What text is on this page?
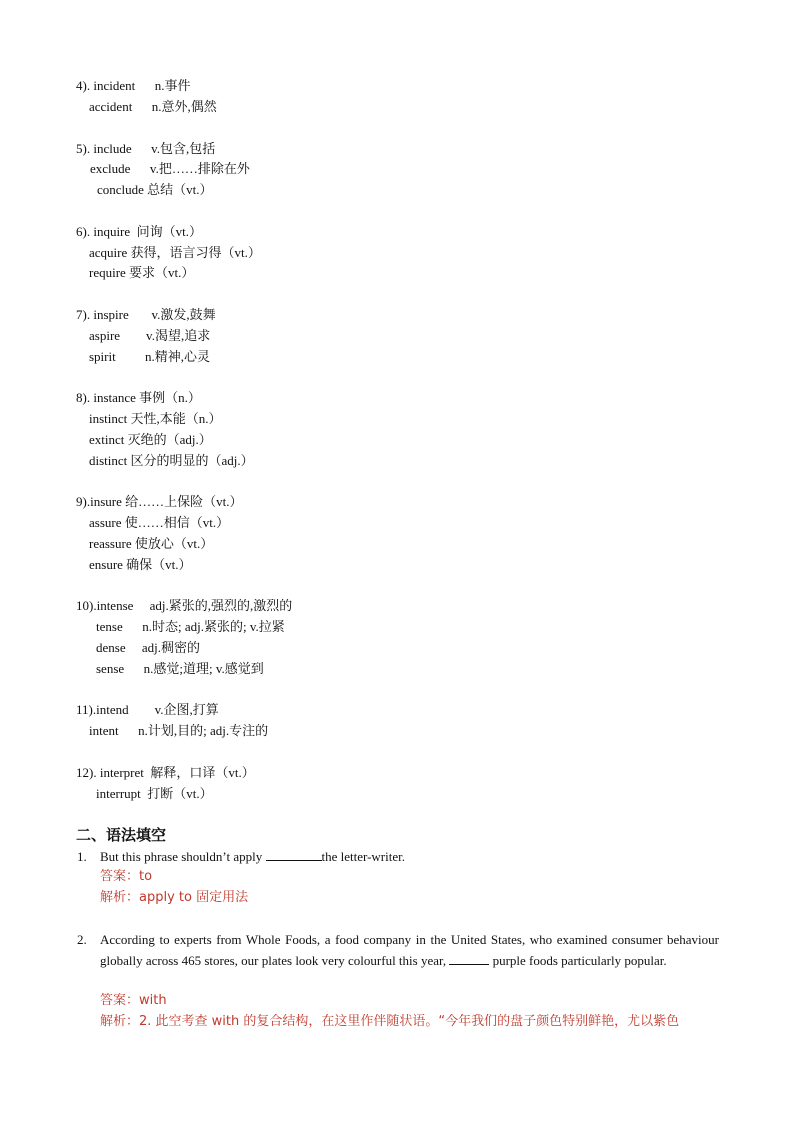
4). incident      n.事件
accident      n.意外,偶然
5). include      v.包含,包括
exclude      v.把……排除在外
conclude 总结（vt.）
6). inquire  问询（vt.）
acquire 获得，语言习得（vt.）
require 要求（vt.）
7). inspire       v.激发,鼓舞
aspire        v.渴望,追求
spirit         n.精神,心灵
8). instance 事例（n.）
instinct 天性,本能（n.）
extinct 灭绝的（adj.）
distinct 区分的明显的（adj.）
9).insure 给……上保险（vt.）
assure 使……相信（vt.）
reassure 使放心（vt.）
ensure 确保（vt.）
10).intense     adj.紧张的,强烈的,激烈的
tense      n.时态; adj.紧张的; v.拉紧
dense     adj.稠密的
sense      n.感觉;道理; v.感觉到
11).intend        v.企图,打算
intent      n.计划,目的; adj.专注的
12). interpret  解释，口译（vt.）
interrupt  打断（vt.）
二、语法填空
1. But this phrase shouldn’t apply	the letter-writer.
答案：to
解析：apply to 固定用法
2. According to experts from Whole Foods, a food company in the United States, who examined consumer behaviour globally across 465 stores, our plates look very colourful this year,	purple foods particularly popular.
答案：with
解析：2. 此空考查 with 的复合结构，在这里作伴随状语。“今年我们的盘子颜色特别鲜艳，尤以紫色
